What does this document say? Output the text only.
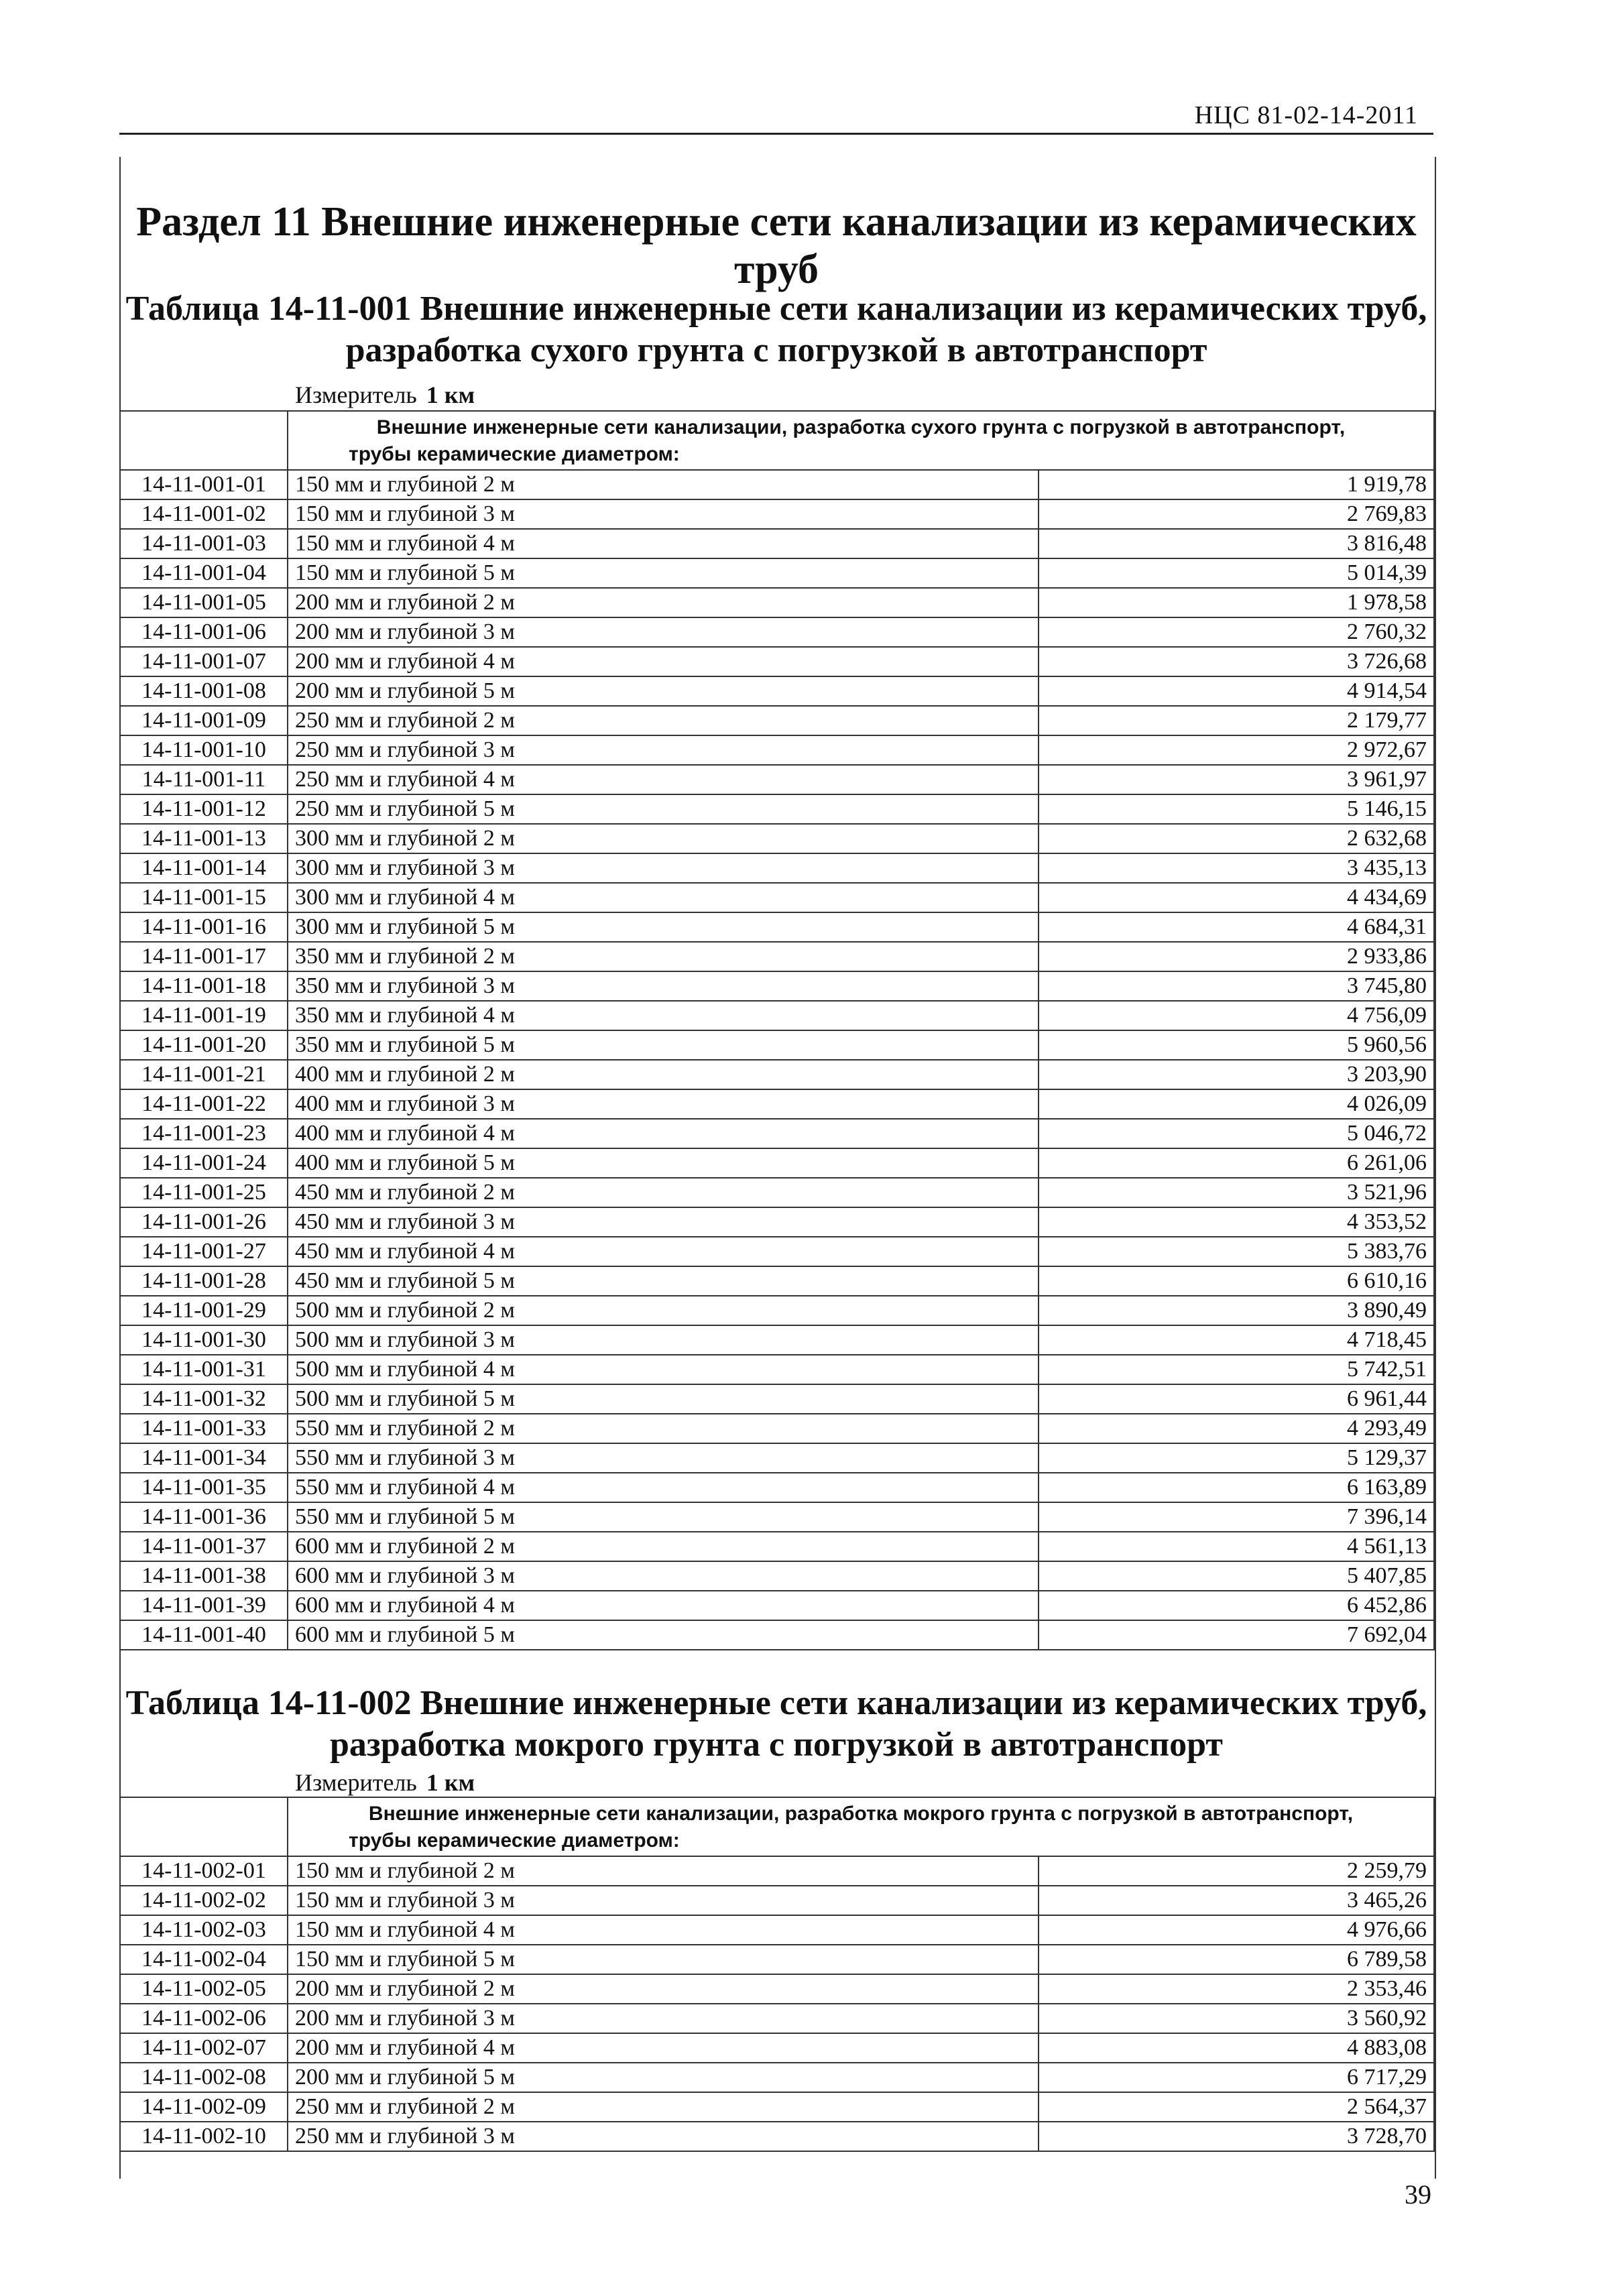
НЦС 81-02-14-2011
Раздел 11 Внешние инженерные сети канализации из керамических труб
Таблица 14-11-001 Внешние инженерные сети канализации из керамических труб,
разработка сухого грунта с погрузкой в автотранспорт
Измеритель 1 км

	Внешние инженерные сети канализации, разработка сухого грунта с погрузкой в автотранспорт,
трубы керамические диаметром:	

14-11-001-01	150 мм и глубиной 2 м	1 919,78
14-11-001-02	150 мм и глубиной 3 м	2 769,83
14-11-001-03	150 мм и глубиной 4 м	3 816,48
14-11-001-04	150 мм и глубиной 5 м	5 014,39
14-11-001-05	200 мм и глубиной 2 м	1 978,58
14-11-001-06	200 мм и глубиной 3 м	2 760,32
14-11-001-07	200 мм и глубиной 4 м	3 726,68
14-11-001-08	200 мм и глубиной 5 м	4 914,54
14-11-001-09	250 мм и глубиной 2 м	2 179,77
14-11-001-10	250 мм и глубиной 3 м	2 972,67
14-11-001-11	250 мм и глубиной 4 м	3 961,97
14-11-001-12	250 мм и глубиной 5 м	5 146,15
14-11-001-13	300 мм и глубиной 2 м	2 632,68
14-11-001-14	300 мм и глубиной 3 м	3 435,13
14-11-001-15	300 мм и глубиной 4 м	4 434,69
14-11-001-16	300 мм и глубиной 5 м	4 684,31
14-11-001-17	350 мм и глубиной 2 м	2 933,86
14-11-001-18	350 мм и глубиной 3 м	3 745,80
14-11-001-19	350 мм и глубиной 4 м	4 756,09
14-11-001-20	350 мм и глубиной 5 м	5 960,56
14-11-001-21	400 мм и глубиной 2 м	3 203,90
14-11-001-22	400 мм и глубиной 3 м	4 026,09
14-11-001-23	400 мм и глубиной 4 м	5 046,72
14-11-001-24	400 мм и глубиной 5 м	6 261,06
14-11-001-25	450 мм и глубиной 2 м	3 521,96
14-11-001-26	450 мм и глубиной 3 м	4 353,52
14-11-001-27	450 мм и глубиной 4 м	5 383,76
14-11-001-28	450 мм и глубиной 5 м	6 610,16
14-11-001-29	500 мм и глубиной 2 м	3 890,49
14-11-001-30	500 мм и глубиной 3 м	4 718,45
14-11-001-31	500 мм и глубиной 4 м	5 742,51
14-11-001-32	500 мм и глубиной 5 м	6 961,44
14-11-001-33	550 мм и глубиной 2 м	4 293,49
14-11-001-34	550 мм и глубиной 3 м	5 129,37
14-11-001-35	550 мм и глубиной 4 м	6 163,89
14-11-001-36	550 мм и глубиной 5 м	7 396,14
14-11-001-37	600 мм и глубиной 2 м	4 561,13
14-11-001-38	600 мм и глубиной 3 м	5 407,85
14-11-001-39	600 мм и глубиной 4 м	6 452,86
14-11-001-40	600 мм и глубиной 5 м	7 692,04
Таблица 14-11-002 Внешние инженерные сети канализации из керамических труб,
разработка мокрого грунта с погрузкой в автотранспорт
Измеритель 1 км

	Внешние инженерные сети канализации, разработка мокрого грунта с погрузкой в автотранспорт,
трубы керамические диаметром:	

14-11-002-01	150 мм и глубиной 2 м	2 259,79
14-11-002-02	150 мм и глубиной 3 м	3 465,26
14-11-002-03	150 мм и глубиной 4 м	4 976,66
14-11-002-04	150 мм и глубиной 5 м	6 789,58
14-11-002-05	200 мм и глубиной 2 м	2 353,46
14-11-002-06	200 мм и глубиной 3 м	3 560,92
14-11-002-07	200 мм и глубиной 4 м	4 883,08
14-11-002-08	200 мм и глубиной 5 м	6 717,29
14-11-002-09	250 мм и глубиной 2 м	2 564,37
14-11-002-10	250 мм и глубиной 3 м	3 728,70
39
